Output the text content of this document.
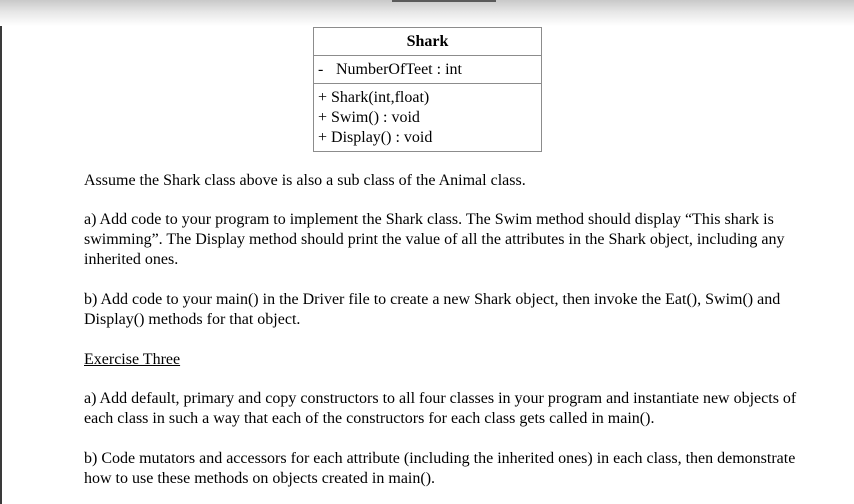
Shark
- NumberOfTeet : int
+ Shark(int,float)
+ Swim() : void
+ Display() : void
Assume the Shark class above is also a sub class of the Animal class.
a) Add code to your program to implement the Shark class. The Swim method should display “This shark is swimming”. The Display method should print the value of all the attributes in the Shark object, including any inherited ones.
b) Add code to your main() in the Driver file to create a new Shark object, then invoke the Eat(), Swim() and Display() methods for that object.
Exercise Three
a) Add default, primary and copy constructors to all four classes in your program and instantiate new objects of each class in such a way that each of the constructors for each class gets called in main().
b) Code mutators and accessors for each attribute (including the inherited ones) in each class, then demonstrate how to use these methods on objects created in main().
